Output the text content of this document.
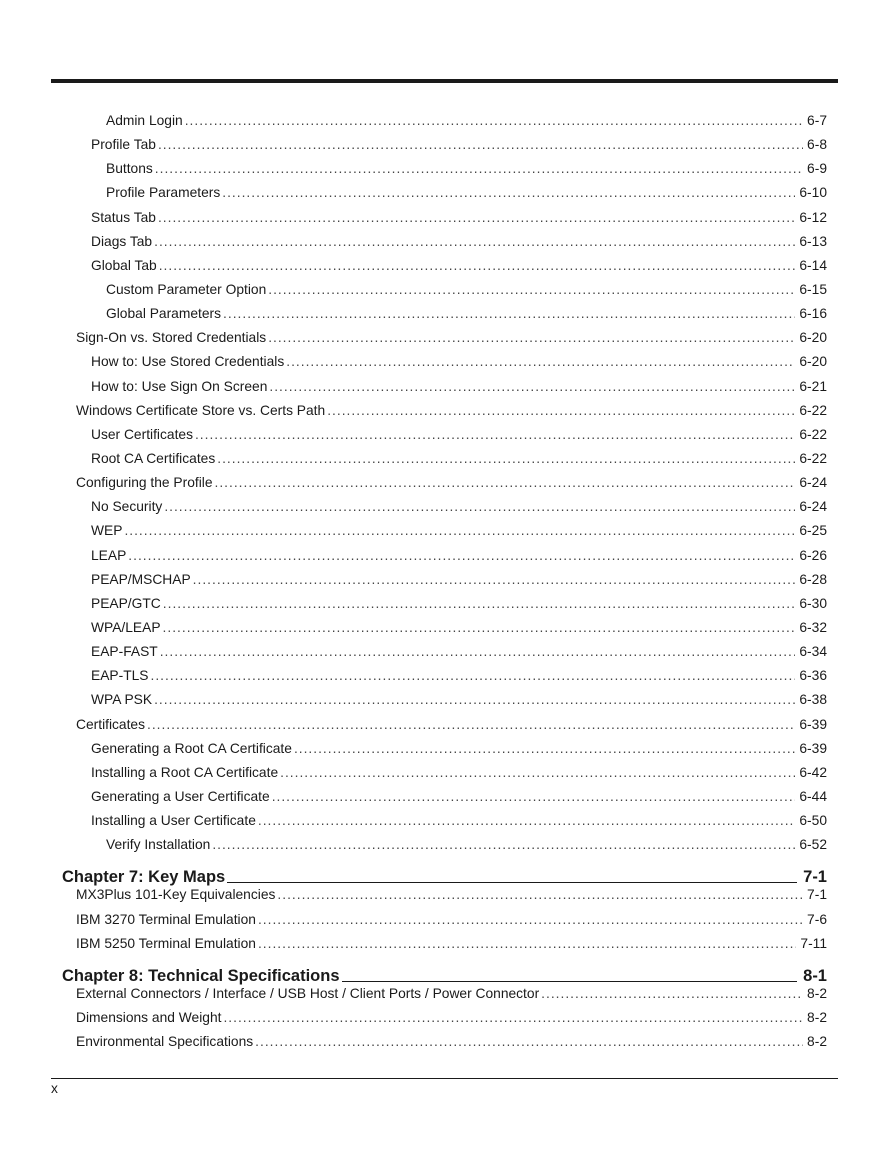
Admin Login .....	6-7
Profile Tab .....	6-8
Buttons .....	6-9
Profile Parameters .....	6-10
Status Tab .....	6-12
Diags Tab .....	6-13
Global Tab .....	6-14
Custom Parameter Option .....	6-15
Global Parameters .....	6-16
Sign-On vs. Stored Credentials .....	6-20
How to: Use Stored Credentials .....	6-20
How to: Use Sign On Screen .....	6-21
Windows Certificate Store vs. Certs Path .....	6-22
User Certificates .....	6-22
Root CA Certificates .....	6-22
Configuring the Profile .....	6-24
No Security .....	6-24
WEP .....	6-25
LEAP .....	6-26
PEAP/MSCHAP .....	6-28
PEAP/GTC .....	6-30
WPA/LEAP .....	6-32
EAP-FAST .....	6-34
EAP-TLS .....	6-36
WPA PSK .....	6-38
Certificates .....	6-39
Generating a Root CA Certificate .....	6-39
Installing a Root CA Certificate .....	6-42
Generating a User Certificate .....	6-44
Installing a User Certificate .....	6-50
Verify Installation .....	6-52
Chapter 7: Key Maps	7-1
MX3Plus 101-Key Equivalencies .....	7-1
IBM 3270 Terminal Emulation .....	7-6
IBM 5250 Terminal Emulation .....	7-11
Chapter 8: Technical Specifications	8-1
External Connectors / Interface / USB Host / Client Ports / Power Connector .....	8-2
Dimensions and Weight .....	8-2
Environmental Specifications .....	8-2
x
